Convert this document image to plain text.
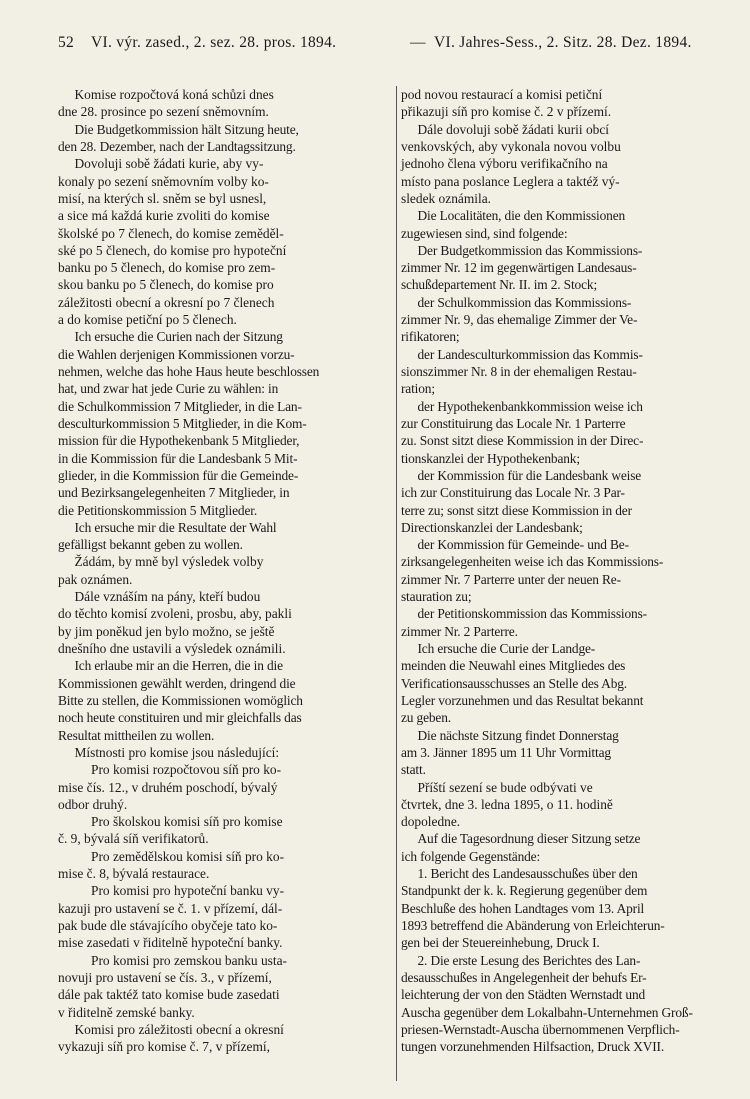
52 VI. výr. zased., 2. sez. 28. pros. 1894.	— VI. Jahres-Sess., 2. Sitz. 28. Dez. 1894.
Komise rozpočtová koná schůzi dnes
dne 28. prosince po sezení sněmovním.
Die Budgetkommission hält Sitzung heute,
den 28. Dezember, nach der Landtagssitzung.
Dovoluji sobě žádati kurie, aby vy-
konaly po sezení sněmovním volby ko-
misí, na kterých sl. sněm se byl usnesl,
a sice má každá kurie zvoliti do komise
školské po 7 členech, do komise zeměděl-
ské po 5 členech, do komise pro hypoteční
banku po 5 členech, do komise pro zem-
skou banku po 5 členech, do komise pro
záležitosti obecní a okresní po 7 členech
a do komise petiční po 5 členech.
Ich ersuche die Curien nach der Sitzung
die Wahlen derjenigen Kommissionen vorzu-
nehmen, welche das hohe Haus heute beschlossen
hat, und zwar hat jede Curie zu wählen: in
die Schulkommission 7 Mitglieder, in die Lan-
desculturkommission 5 Mitglieder, in die Kom-
mission für die Hypothekenbank 5 Mitglieder,
in die Kommission für die Landesbank 5 Mit-
glieder, in die Kommission für die Gemeinde-
und Bezirksangelegenheiten 7 Mitglieder, in
die Petitionskommission 5 Mitglieder.
Ich ersuche mir die Resultate der Wahl
gefälligst bekannt geben zu wollen.
Žádám, by mně byl výsledek volby
pak oznámen.
Dále vznáším na pány, kteří budou
do těchto komisí zvoleni, prosbu, aby, pakli
by jim poněkud jen bylo možno, se ještě
dnešního dne ustavili a výsledek oznámili.
Ich erlaube mir an die Herren, die in die
Kommissionen gewählt werden, dringend die
Bitte zu stellen, die Kommissionen womöglich
noch heute constituiren und mir gleichfalls das
Resultat mittheilen zu wollen.
Místnosti pro komise jsou následující:
Pro komisi rozpočtovou síň pro ko-
mise čís. 12., v druhém poschodí, bývalý
odbor druhý.
Pro školskou komisi síň pro komise
č. 9, bývalá síň verifikatorů.
Pro zemědělskou komisi síň pro ko-
mise č. 8, bývalá restaurace.
Pro komisi pro hypoteční banku vy-
kazuji pro ustavení se č. 1. v přízemí, dál-
pak bude dle stávajícího obyčeje tato ko-
mise zasedati v řiditelně hypoteční banky.
Pro komisi pro zemskou banku usta-
novuji pro ustavení se čís. 3., v přízemí,
dále pak taktéž tato komise bude zasedati
v řiditelně zemské banky.
Komisi pro záležitosti obecní a okresní
vykazuji síň pro komise č. 7, v přízemí,
pod novou restaurací a komisi petiční
přikazuji síň pro komise č. 2 v přízemí.
Dále dovoluji sobě žádati kurii obcí
venkovských, aby vykonala novou volbu
jednoho člena výboru verifikačního na
místo pana poslance Leglera a taktéž vý-
sledek oznámila.
Die Localitäten, die den Kommissionen
zugewiesen sind, sind folgende:
Der Budgetkommission das Kommissions-
zimmer Nr. 12 im gegenwärtigen Landesaus-
schußdepartement Nr. II. im 2. Stock;
der Schulkommission das Kommissions-
zimmer Nr. 9, das ehemalige Zimmer der Ve-
rifikatoren;
der Landesculturkommission das Kommis-
sionszimmer Nr. 8 in der ehemaligen Restau-
ration;
der Hypothekenbankkommission weise ich
zur Constituirung das Locale Nr. 1 Parterre
zu. Sonst sitzt diese Kommission in der Direc-
tionskanzlei der Hypothekenbank;
der Kommission für die Landesbank weise
ich zur Constituirung das Locale Nr. 3 Par-
terre zu; sonst sitzt diese Kommission in der
Directionskanzlei der Landesbank;
der Kommission für Gemeinde- und Be-
zirksangelegenheiten weise ich das Kommissions-
zimmer Nr. 7 Parterre unter der neuen Re-
stauration zu;
der Petitionskommission das Kommissions-
zimmer Nr. 2 Parterre.
Ich ersuche die Curie der Landge-
meinden die Neuwahl eines Mitgliedes des
Verificationsausschusses an Stelle des Abg.
Legler vorzunehmen und das Resultat bekannt
zu geben.
Die nächste Sitzung findet Donnerstag
am 3. Jänner 1895 um 11 Uhr Vormittag
statt.
Příští sezení se bude odbývati ve
čtvrtek, dne 3. ledna 1895, o 11. hodině
dopoledne.
Auf die Tagesordnung dieser Sitzung setze
ich folgende Gegenstände:
1. Bericht des Landesausschußes über den
Standpunkt der k. k. Regierung gegenüber dem
Beschluße des hohen Landtages vom 13. April
1893 betreffend die Abänderung von Erleichterun-
gen bei der Steuereinhebung, Druck I.
2. Die erste Lesung des Berichtes des Lan-
desausschußes in Angelegenheit der behufs Er-
leichterung der von den Städten Wernstadt und
Auscha gegenüber dem Lokalbahn-Unternehmen Groß-
priesen-Wernstadt-Auscha übernommenen Verpflich-
tungen vorzunehmenden Hilfsaction, Druck XVII.
